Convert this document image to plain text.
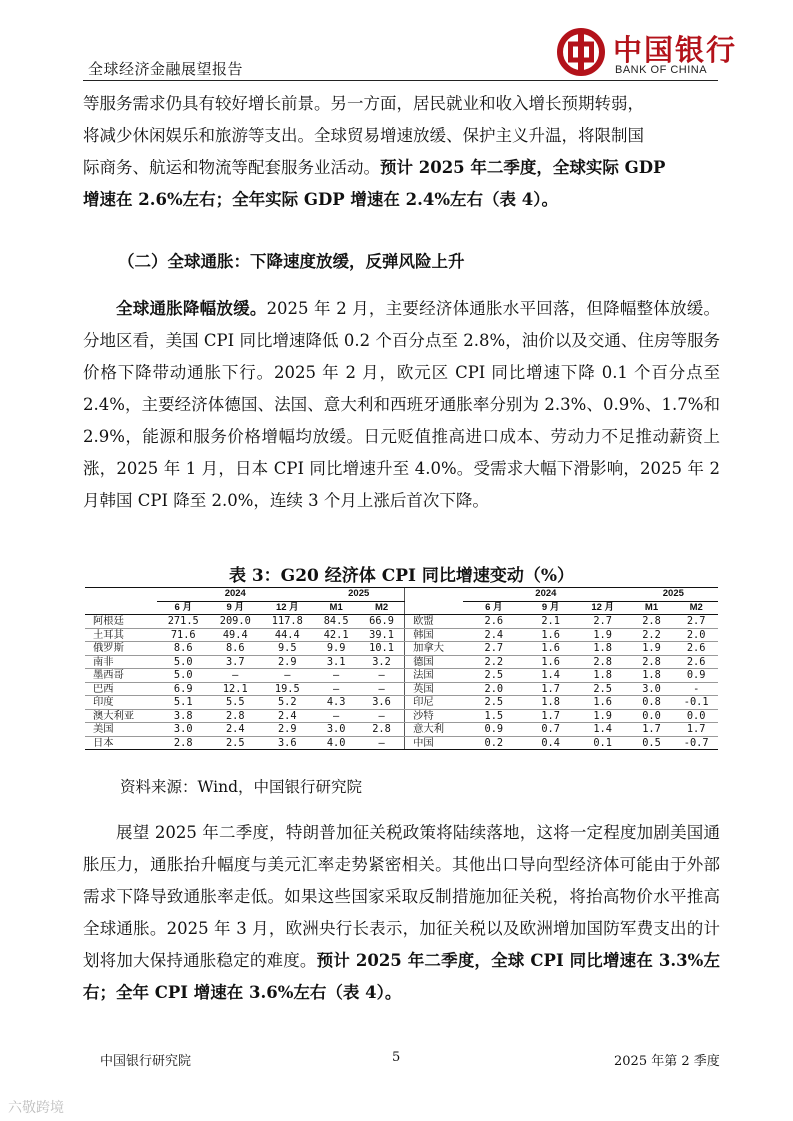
全球经济金融展望报告
中国银行
BANK OF CHINA
等服务需求仍具有较好增长前景。另一方面，居民就业和收入增长预期转弱，
将减少休闲娱乐和旅游等支出。全球贸易增速放缓、保护主义升温，将限制国
际商务、航运和物流等配套服务业活动。预计 2025 年二季度，全球实际 GDP
增速在 2.6%左右；全年实际 GDP 增速在 2.4%左右（表 4）。
（二）全球通胀：下降速度放缓，反弹风险上升
全球通胀降幅放缓。2025 年 2 月，主要经济体通胀水平回落，但降幅整体放缓。分地区看，美国 CPI 同比增速降低 0.2 个百分点至 2.8%，油价以及交通、住房等服务价格下降带动通胀下行。2025 年 2 月，欧元区 CPI 同比增速下降 0.1 个百分点至 2.4%，主要经济体德国、法国、意大利和西班牙通胀率分别为 2.3%、0.9%、1.7%和 2.9%，能源和服务价格增幅均放缓。日元贬值推高进口成本、劳动力不足推动薪资上涨，2025 年 1 月，日本 CPI 同比增速升至 4.0%。受需求大幅下滑影响，2025 年 2 月韩国 CPI 降至 2.0%，连续 3 个月上涨后首次下降。
表 3：G20 经济体 CPI 同比增速变动（%）
	2024			2025			2024			2025	
	6 月	9 月	12 月	M1	M2		6 月	9 月	12 月	M1	M2
阿根廷	271.5	209.0	117.8	84.5	66.9	欧盟	2.6	2.1	2.7	2.8	2.7
土耳其	71.6	49.4	44.4	42.1	39.1	韩国	2.4	1.6	1.9	2.2	2.0
俄罗斯	8.6	8.6	9.5	9.9	10.1	加拿大	2.7	1.6	1.8	1.9	2.6
南非	5.0	3.7	2.9	3.1	3.2	德国	2.2	1.6	2.8	2.8	2.6
墨西哥	5.0	—	—	—	—	法国	2.5	1.4	1.8	1.8	0.9
巴西	6.9	12.1	19.5	—	—	英国	2.0	1.7	2.5	3.0	-
印度	5.1	5.5	5.2	4.3	3.6	印尼	2.5	1.8	1.6	0.8	-0.1
澳大利亚	3.8	2.8	2.4	—	—	沙特	1.5	1.7	1.9	0.0	0.0
美国	3.0	2.4	2.9	3.0	2.8	意大利	0.9	0.7	1.4	1.7	1.7
日本	2.8	2.5	3.6	4.0	—	中国	0.2	0.4	0.1	0.5	-0.7
资料来源：Wind，中国银行研究院
展望 2025 年二季度，特朗普加征关税政策将陆续落地，这将一定程度加剧美国通胀压力，通胀抬升幅度与美元汇率走势紧密相关。其他出口导向型经济体可能由于外部需求下降导致通胀率走低。如果这些国家采取反制措施加征关税，将抬高物价水平推高全球通胀。2025 年 3 月，欧洲央行长表示，加征关税以及欧洲增加国防军费支出的计划将加大保持通胀稳定的难度。预计 2025 年二季度，全球 CPI 同比增速在 3.3%左右；全年 CPI 增速在 3.6%左右（表 4）。
中国银行研究院	5	2025 年第 2 季度
六敬跨境
